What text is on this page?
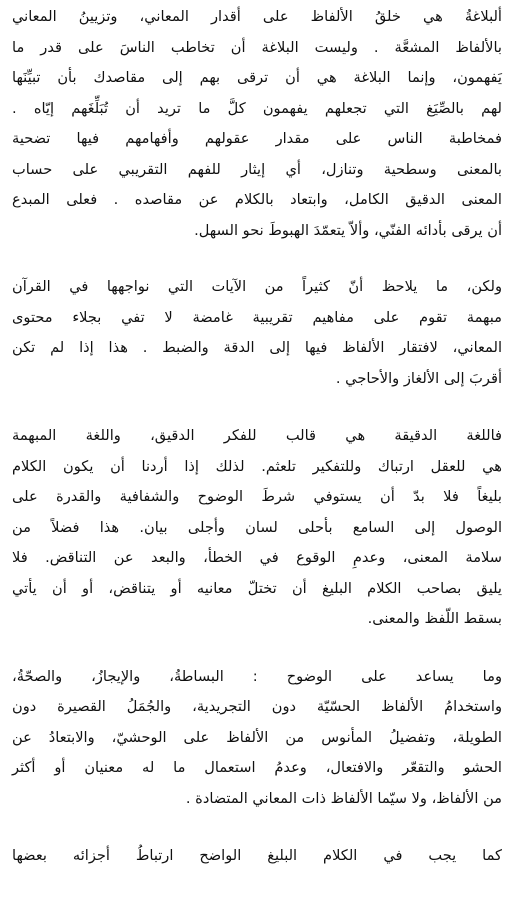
ألبلاغةُ هي خلقُ الألفاظ على أقدار المعاني، وتزيينُ المعاني
بالألفاظ المشعَّة . وليست البلاغة أن تخاطب الناسَ على قدر ما
يَفهمون، وإنما البلاغة هي أن ترقى بهم إلى مقاصدك بأن تبيِّنَها
لهم بالصِّيَغ التي تجعلهم يفهمون كلَّ ما تريد أن تُبَلِّغَهم إيّاه .
فمخاطبة الناس على مقدار عقولهم وأفهامهم فيها تضحية
بالمعنى وسطحية وتنازل، أي إيثار للفهم التقريبي على حساب
المعنى الدقيق الكامل، وابتعاد بالكلام عن مقاصده . فعلى المبدع
أن يرقى بأدائه الفنّي، وألاّ يتعمّدَ الهبوطَ نحو السهل.

ولكن، ما يلاحظ أنّ كثيراً من الآيات التي نواجهها في القرآن
مبهمة تقوم على مفاهيم تقريبية غامضة لا تفي بجلاء محتوى
المعاني، لافتقار الألفاظ فيها إلى الدقة والضبط . هذا إذا لم تكن
أقربَ إلى الألغاز والأحاجي .

فاللغة الدقيقة هي قالب للفكر الدقيق، واللغة المبهمة
هي للعقل ارتباك وللتفكير تلعثم. لذلك إذا أردنا أن يكون الكلام
بليغاً فلا بدّ أن يستوفي شرطَ الوضوح والشفافية والقدرة على
الوصول إلى السامع بأحلى لسان وأجلى بيان. هذا فضلاً من
سلامة المعنى، وعدمِ الوقوع في الخطأ، والبعد عن التناقض. فلا
يليق بصاحب الكلام البليغ أن تختلّ معانيه أو يتناقض، أو أن يأتي
بسقط اللّفظ والمعنى.

وما يساعد على الوضوح : البساطةُ، والإيجازُ، والصحّةُ،
واستخدامُ الألفاظ الحسّيّة دون التجريدية، والجُمَلُ القصيرة دون
الطويلة، وتفضيلُ المأنوس من الألفاظ على الوحشيّ، والابتعادُ عن
الحشو والتقعّر والافتعال، وعدمُ استعمال ما له معنيان أو أكثر
من الألفاظ، ولا سيّما الألفاظ ذات المعاني المتضادة .

كما يجب في الكلام البليغ الواضح ارتباطُ أجزائه بعضها
